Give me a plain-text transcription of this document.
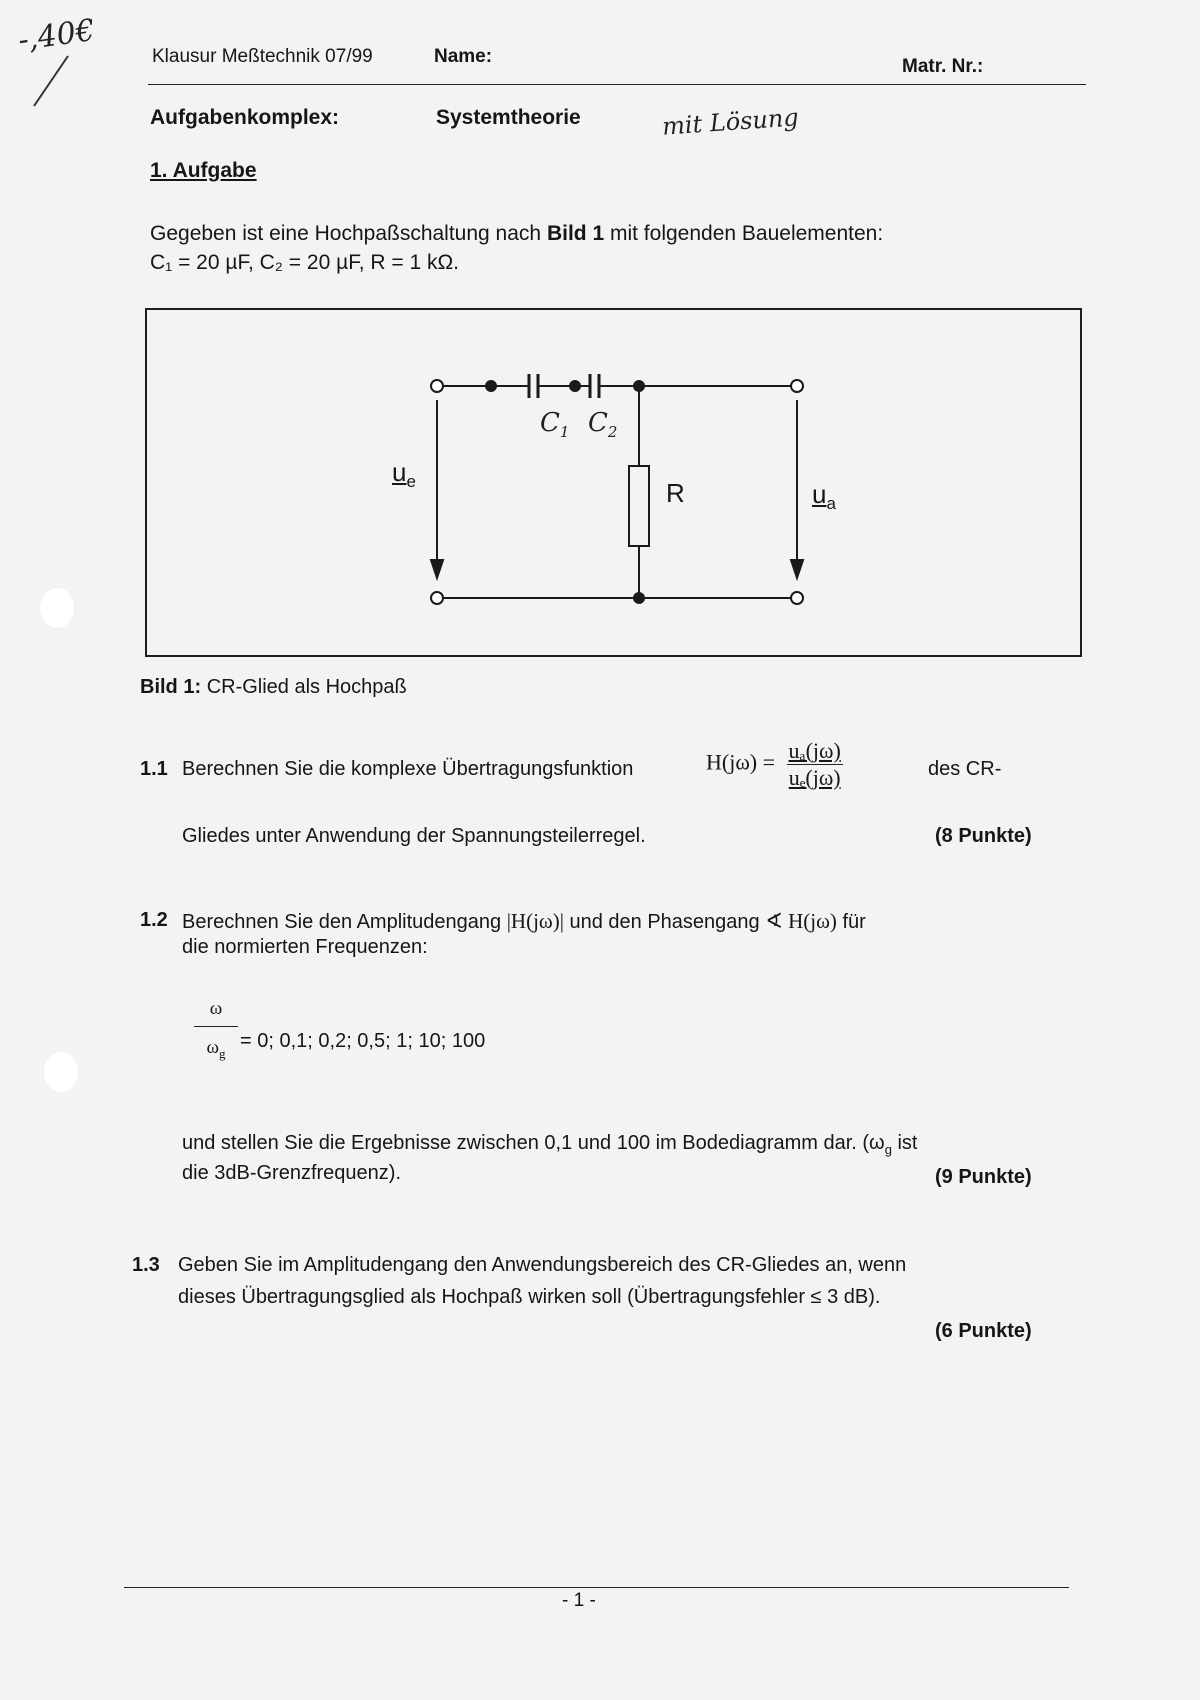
-,40€	Klausur Meßtechnik 07/99	Name:	Matr. Nr.:
Aufgabenkomplex:	Systemtheorie	mit Lösung
1. Aufgabe
Gegeben ist eine Hochpaßschaltung nach Bild 1 mit folgenden Bauelementen:
C₁ = 20 µF, C₂ = 20 µF, R = 1 kΩ.
$C_1$ $C_2$
R
$u_e$	$u_a$
Bild 1: CR-Glied als Hochpaß
1.1 Berechnen Sie die komplexe Übertragungsfunktion	$H(j\omega) = \frac{\text{uₐ(jω)}}{\text{uₑ(jω)}}$	des CR-
Gliedes unter Anwendung der Spannungsteilerregel.	(8 Punkte)
1.2 Berechnen Sie den Amplitudengang |H(jω)| und den Phasengang ∢ H(jω) für
die normierten Frequenzen:
ω
$\omega_g$
= 0; 0,1; 0,2; 0,5; 1; 10; 100
und stellen Sie die Ergebnisse zwischen 0,1 und 100 im Bodediagramm dar. ($\omega_g$ ist
die 3dB-Grenzfrequenz).	(9 Punkte)
1.3 Geben Sie im Amplitudengang den Anwendungsbereich des CR-Gliedes an, wenn
dieses Übertragungsglied als Hochpaß wirken soll (Übertragungsfehler ≤ 3 dB).
(6 Punkte)
- 1 -
